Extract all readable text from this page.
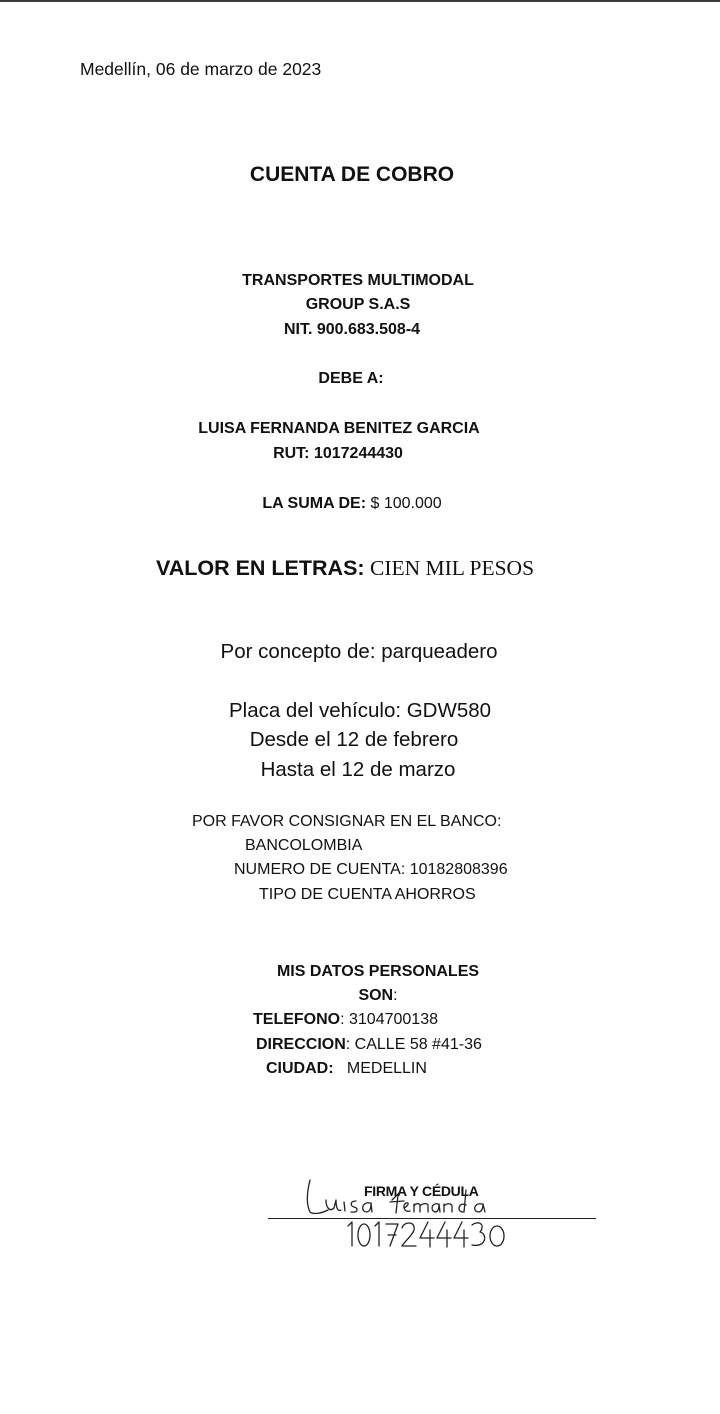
Medellín, 06 de marzo de 2023

CUENTA DE COBRO

TRANSPORTES MULTIMODAL

GROUP S.A.S

NIT. 900.683.508-4

DEBE A:

LUISA FERNANDA BENITEZ GARCIA

RUT: 1017244430

LA SUMA DE: $ 100.000

VALOR EN LETRAS: CIEN MIL PESOS

Por concepto de: parqueadero

Placa del vehículo: GDW580

Desde el 12 de febrero

Hasta el 12 de marzo

POR FAVOR CONSIGNAR EN EL BANCO:

BANCOLOMBIA

NUMERO DE CUENTA: 10182808396

TIPO DE CUENTA AHORROS

MIS DATOS PERSONALES

SON:

TELEFONO: 3104700138

DIRECCION: CALLE 58 #41-36

CIUDAD:   MEDELLIN

FIRMA Y CÉDULA
